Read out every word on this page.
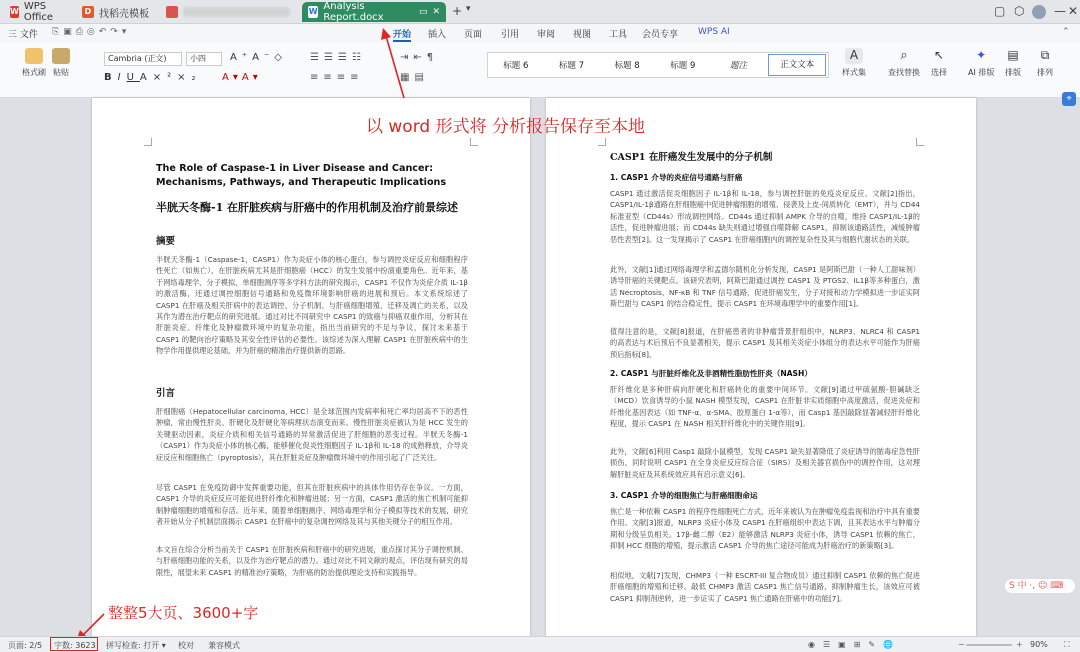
W WPS Office
D 找稻壳模板	W Analysis Report.docx	▭ ✕ + ▾	▢ ⬡ — ✕
三 文件 ⎘▣⎙◎↶↷▾	开始 插入 页面 引用 审阅 视图 工具 会员专享 WPS AI	⌃
格式刷 粘贴
Cambria (正文)	小四	A⁺A⁻◇
BIUA×²×₂ A▾A▾
☰☰☰☷
≡≡≡≡
⇥⇤¶
▦▤
标题 6	标题 7	标题 8	标题 9	题注	正文文本
A
样式集
⌕
查找替换
↖
选择
✦
AI 排版
▤
排版
⧉
排列
The Role of Caspase-1 in Liver Disease and Cancer: Mechanisms, Pathways, and Therapeutic Implications
半胱天冬酶-1 在肝脏疾病与肝癌中的作用机制及治疗前景综述
摘要
半胱天冬酶-1（Caspase-1，CASP1）作为炎症小体的核心蛋白，参与调控炎症反应和细胞程序性死亡（如焦亡），在肝脏疾病尤其是肝细胞癌（HCC）的发生发展中扮演重要角色。近年来，基于网络毒理学、分子模拟、单细胞测序等多学科方法的研究揭示，CASP1 不仅作为炎症介质 IL-1β的激活酶，还通过调控细胞信号通路和免疫微环境影响肝癌的进展和预后。本文系统综述了 CASP1 在肝癌及相关肝病中的表达调控、分子机制、与肝癌细胞增殖、迁移及凋亡的关系，以及其作为潜在治疗靶点的研究进展。通过对比不同研究中 CASP1 的致癌与抑癌双重作用，分析其在肝脏炎症、纤维化及肿瘤微环境中的复杂功能，指出当前研究的不足与争议，探讨未来基于 CASP1 的靶向治疗策略及其安全性评估的必要性。该综述为深入理解 CASP1 在肝脏疾病中的生物学作用提供理论基础，并为肝癌的精准治疗提供新的思路。
引言
肝细胞癌（Hepatocellular carcinoma, HCC）是全球范围内发病率和死亡率均居高不下的恶性肿瘤，常由慢性肝炎、肝硬化及肝硬化等病理状态演变而来。慢性肝脏炎症被认为是 HCC 发生的关键驱动因素，炎症介质和相关信号通路的异常激活促进了肝细胞的恶变过程。半胱天冬酶-1（CASP1）作为炎症小体的核心酶，能够催化促炎性细胞因子 IL-1β和 IL-18 的成熟释放，介导炎症反应和细胞焦亡（pyroptosis），其在肝脏炎症及肿瘤微环境中的作用引起了广泛关注。
尽管 CASP1 在免疫防御中发挥重要功能，但其在肝脏疾病中的具体作用仍存在争议。一方面，CASP1 介导的炎症反应可能促进肝纤维化和肿瘤进展；另一方面，CASP1 激活的焦亡机制可能抑制肿瘤细胞的增殖和存活。近年来，随着单细胞测序、网络毒理学和分子模拟等技术的发展，研究者开始从分子机制层面揭示 CASP1 在肝癌中的复杂调控网络及其与其他关键分子的相互作用。
本文旨在综合分析当前关于 CASP1 在肝脏疾病和肝癌中的研究进展，重点探讨其分子调控机制、与肝癌细胞功能的关系，以及作为治疗靶点的潜力。通过对比不同文献的观点，评估现有研究的局限性，展望未来 CASP1 的精准治疗策略，为肝癌的防治提供理论支持和实践指导。
CASP1 在肝癌发生发展中的分子机制
1. CASP1 介导的炎症信号通路与肝癌
CASP1 通过激活促炎细胞因子 IL-1β和 IL-18，参与调控肝脏的免疫炎症反应。文献[2]指出，CASP1/IL-1β通路在肝细胞癌中促进肿瘤细胞的增殖、侵袭及上皮-间质转化（EMT），并与 CD44 标准亚型（CD44s）形成调控网络。CD44s 通过抑制 AMPK 介导的自噬，维持 CASP1/IL-1β的活性，促进肿瘤进展；而 CD44s 缺失则通过增强自噬降解 CASP1，抑制该通路活性，减缓肿瘤恶性表型[2]。这一发现揭示了 CASP1 在肝癌细胞内的调控复杂性及其与细胞代谢状态的关联。
此外，文献[1]通过网络毒理学和孟德尔随机化分析发现，CASP1 是阿斯巴甜（一种人工甜味剂）诱导肝癌的关键靶点。该研究表明，阿斯巴甜通过调控 CASP1 及 PTGS2、IL1β等多种蛋白，激活 Necroptosis、NF-κB 和 TNF 信号通路，促进肝癌发生，分子对接和动力学模拟进一步证实阿斯巴甜与 CASP1 的结合稳定性，提示 CASP1 在环境毒理学中的重要作用[1]。
值得注意的是，文献[8]报道，在肝癌患者的非肿瘤背景肝组织中，NLRP3、NLRC4 和 CASP1 的高表达与术后预后不良显著相关，提示 CASP1 及其相关炎症小体组分的表达水平可能作为肝癌预后指标[8]。
2. CASP1 与肝脏纤维化及非酒精性脂肪性肝炎（NASH）
肝纤维化是多种肝病向肝硬化和肝癌转化的重要中间环节。文献[9]通过甲硫氨酸-胆碱缺乏（MCD）饮食诱导的小鼠 NASH 模型发现，CASP1 在肝脏非实质细胞中高度激活，促进炎症和纤维化基因表达（如 TNF-α、α-SMA、胶原蛋白 1-α等），而 Casp1 基因敲除显著减轻肝纤维化程度，提示 CASP1 在 NASH 相关肝纤维化中的关键作用[9]。
此外，文献[6]利用 Casp1 敲除小鼠模型，发现 CASP1 缺失显著降低了炎症诱导的脓毒症急性肝损伤，同时说明 CASP1 在全身炎症反应综合征（SIRS）及相关器官损伤中的调控作用，这对理解肝脏炎症及其系统效应具有启示意义[6]。
3. CASP1 介导的细胞焦亡与肝癌细胞命运
焦亡是一种依赖 CASP1 的程序性细胞死亡方式，近年来被认为在肿瘤免疫监视和治疗中具有重要作用。文献[3]报道，NLRP3 炎症小体及 CASP1 在肝癌组织中表达下调，且其表达水平与肿瘤分期和分级呈负相关。17β-雌二醇（E2）能够激活 NLRP3 炎症小体，诱导 CASP1 依赖的焦亡，抑制 HCC 细胞的增殖，提示激活 CASP1 介导的焦亡途径可能成为肝癌治疗的新策略[3]。
相似地，文献[7]发现，CHMP3（一种 ESCRT-III 复合物成员）通过抑制 CASP1 依赖的焦亡促进肝癌细胞的增殖和迁移。敲低 CHMP3 激活 CASP1 焦亡信号通路，抑制肿瘤生长，该效应可被 CASP1 抑制剂逆转，进一步证实了 CASP1 焦亡通路在肝癌中的功能[7]。
⌖
S 中 ·, ☺ ⌨
以 word 形式将 分析报告保存至本地
整整5大页、3600+字
页面: 2/5 字数: 3623 拼写检查: 打开 ▾ 校对 兼容模式	◉☰▣⊞✎🌐	−	+ 90% ⛶
